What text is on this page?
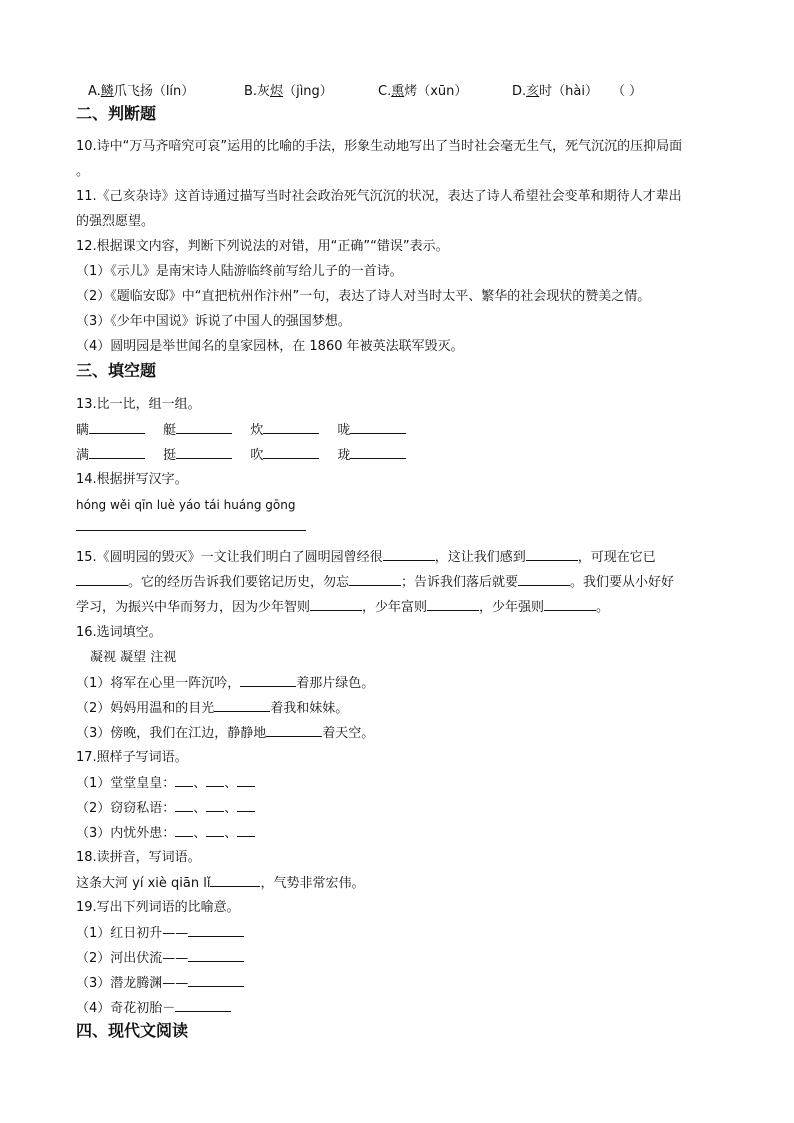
A.鳞爪飞扬（lín）	B.灰烬（jìng）	C.熏烤（xūn）	D.亥时（hài） （ ）
二、判断题
10.诗中“万马齐喑究可哀”运用的比喻的手法，形象生动地写出了当时社会毫无生气，死气沉沉的压抑局面
。
11.《己亥杂诗》这首诗通过描写当时社会政治死气沉沉的状况，表达了诗人希望社会变革和期待人才辈出
的强烈愿望。
12.根据课文内容，判断下列说法的对错，用“正确”“错误”表示。
（1）《示儿》是南宋诗人陆游临终前写给儿子的一首诗。
（2）《题临安邸》中“直把杭州作汴州”一句，表达了诗人对当时太平、繁华的社会现状的赞美之情。
（3）《少年中国说》诉说了中国人的强国梦想。
（4）圆明园是举世闻名的皇家园林，在 1860 年被英法联军毁灭。
三、填空题
13.比一比，组一组。
瞒	艇	炊	咙
满	挺	吹	珑
14.根据拼写汉字。
hóng wěi qīn luè yáo tái huáng gōng
15.《圆明园的毁灭》一文让我们明白了圆明园曾经很	，这让我们感到	，可现在它已
。它的经历告诉我们要铭记历史，勿忘	；告诉我们落后就要	。我们要从小好好
学习，为振兴中华而努力，因为少年智则	，少年富则	，少年强则	。
16.选词填空。
凝视 凝望 注视
（1）将军在心里一阵沉吟，	着那片绿色。
（2）妈妈用温和的目光	着我和妹妹。
（3）傍晚，我们在江边，静静地	着天空。
17.照样子写词语。
（1）堂堂皇皇： 、 、
（2）窃窃私语： 、 、
（3）内忧外患： 、 、
18.读拼音，写词语。
这条大河 yí xiè qiān lǐ	，气势非常宏伟。
19.写出下列词语的比喻意。
（1）红日初升——
（2）河出伏流——
（3）潜龙腾渊——
（4）奇花初胎－
四、现代文阅读
